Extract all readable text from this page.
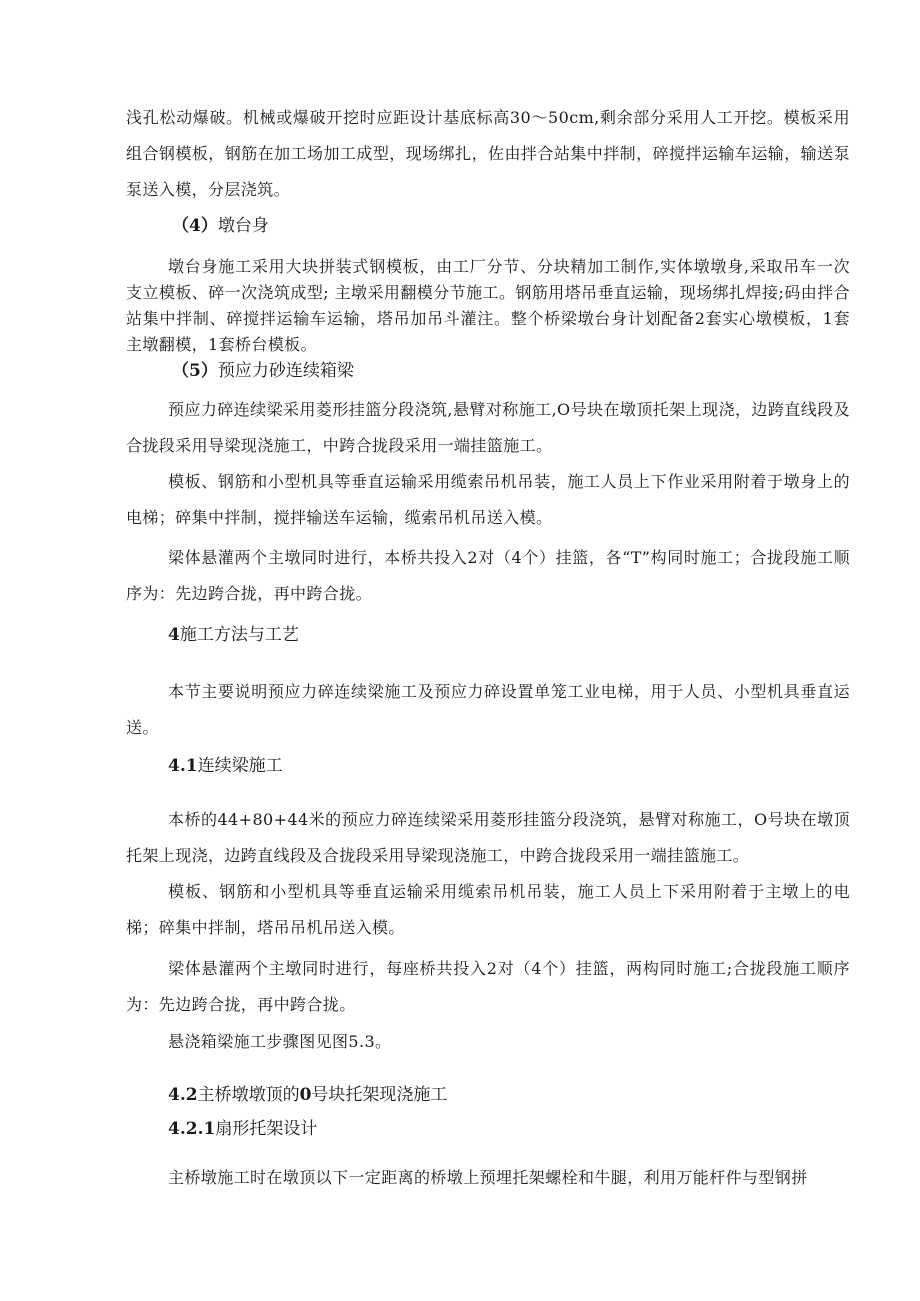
浅孔松动爆破。机械或爆破开挖时应距设计基底标高30～50cm,剩余部分采用人工开挖。模板采用组合钢模板，钢筋在加工场加工成型，现场绑扎，佐由拌合站集中拌制，碎搅拌运输车运输，输送泵泵送入模，分层浇筑。

（4）墩台身

墩台身施工采用大块拼装式钢模板，由工厂分节、分块精加工制作,实体墩墩身,采取吊车一次支立模板、碎一次浇筑成型; 主墩采用翻模分节施工。钢筋用塔吊垂直运输，现场绑扎焊接;码由拌合站集中拌制、碎搅拌运输车运输，塔吊加吊斗灌注。整个桥梁墩台身计划配备2套实心墩模板，1套主墩翻模，1套桥台模板。

（5）预应力砂连续箱梁

预应力碎连续梁采用菱形挂篮分段浇筑,悬臂对称施工,O号块在墩顶托架上现浇，边跨直线段及合拢段采用导梁现浇施工，中跨合拢段采用一端挂篮施工。

模板、钢筋和小型机具等垂直运输采用缆索吊机吊装，施工人员上下作业采用附着于墩身上的电梯；碎集中拌制，搅拌输送车运输，缆索吊机吊送入模。

梁体悬灌两个主墩同时进行，本桥共投入2对（4个）挂篮，各“T”构同时施工；合拢段施工顺序为：先边跨合拢，再中跨合拢。

4施工方法与工艺

本节主要说明预应力碎连续梁施工及预应力碎设置单笼工业电梯，用于人员、小型机具垂直运送。

4.1连续梁施工

本桥的44+80+44米的预应力碎连续梁采用菱形挂篮分段浇筑，悬臂对称施工，O号块在墩顶托架上现浇，边跨直线段及合拢段采用导梁现浇施工，中跨合拢段采用一端挂篮施工。

模板、钢筋和小型机具等垂直运输采用缆索吊机吊装，施工人员上下采用附着于主墩上的电梯；碎集中拌制，塔吊吊机吊送入模。

梁体悬灌两个主墩同时进行，每座桥共投入2对（4个）挂篮，两构同时施工;合拢段施工顺序为：先边跨合拢，再中跨合拢。

悬浇箱梁施工步骤图见图5.3。

4.2主桥墩墩顶的0号块托架现浇施工
4.2.1扇形托架设计

主桥墩施工时在墩顶以下一定距离的桥墩上预埋托架螺栓和牛腿，利用万能杆件与型钢拼
